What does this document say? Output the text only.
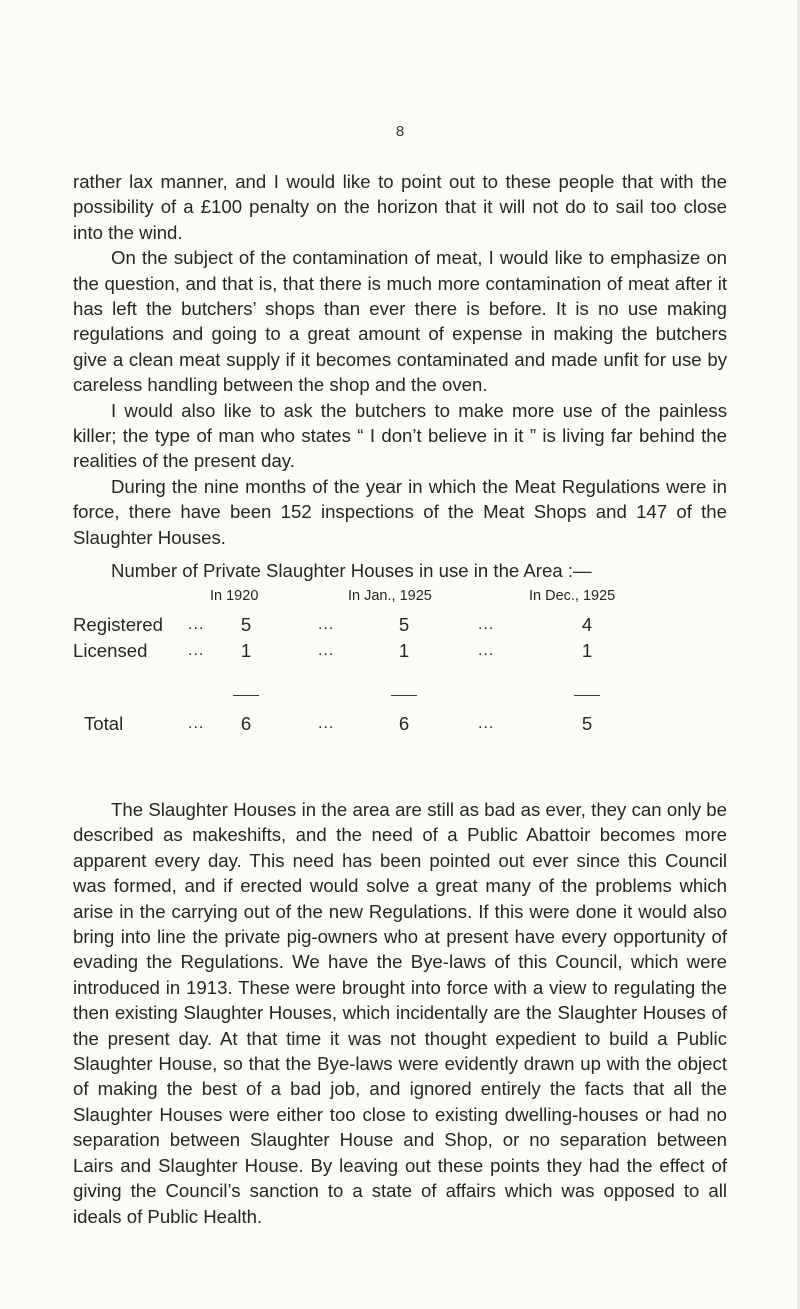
8

rather lax manner, and I would like to point out to these people that with the possibility of a £100 penalty on the horizon that it will not do to sail too close into the wind.

On the subject of the contamination of meat, I would like to emphasize on the question, and that is, that there is much more contamination of meat after it has left the butchers’ shops than ever there is before. It is no use making regulations and going to a great amount of expense in making the butchers give a clean meat supply if it becomes contaminated and made unfit for use by careless handling between the shop and the oven.

I would also like to ask the butchers to make more use of the painless killer; the type of man who states “ I don’t believe in it ” is living far behind the realities of the present day.

During the nine months of the year in which the Meat Regulations were in force, there have been 152 inspections of the Meat Shops and 147 of the Slaughter Houses.

Number of Private Slaughter Houses in use in the Area :—
In 1920	In Jan., 1925	In Dec., 1925
Registered ... 5	...	5	...	4
Licensed	... 1	...	1	...	1
Total	... 6	...	6	...	5

The Slaughter Houses in the area are still as bad as ever, they can only be described as makeshifts, and the need of a Public Abattoir becomes more apparent every day. This need has been pointed out ever since this Council was formed, and if erected would solve a great many of the problems which arise in the carrying out of the new Regulations. If this were done it would also bring into line the private pig-owners who at present have every opportunity of evading the Regulations. We have the Bye-laws of this Council, which were introduced in 1913. These were brought into force with a view to regulating the then existing Slaughter Houses, which incidentally are the Slaughter Houses of the present day. At that time it was not thought expedient to build a Public Slaughter House, so that the Bye-laws were evidently drawn up with the object of making the best of a bad job, and ignored entirely the facts that all the Slaughter Houses were either too close to existing dwelling-houses or had no separation between Slaughter House and Shop, or no separation between Lairs and Slaughter House. By leaving out these points they had the effect of giving the Council’s sanction to a state of affairs which was opposed to all ideals of Public Health.
